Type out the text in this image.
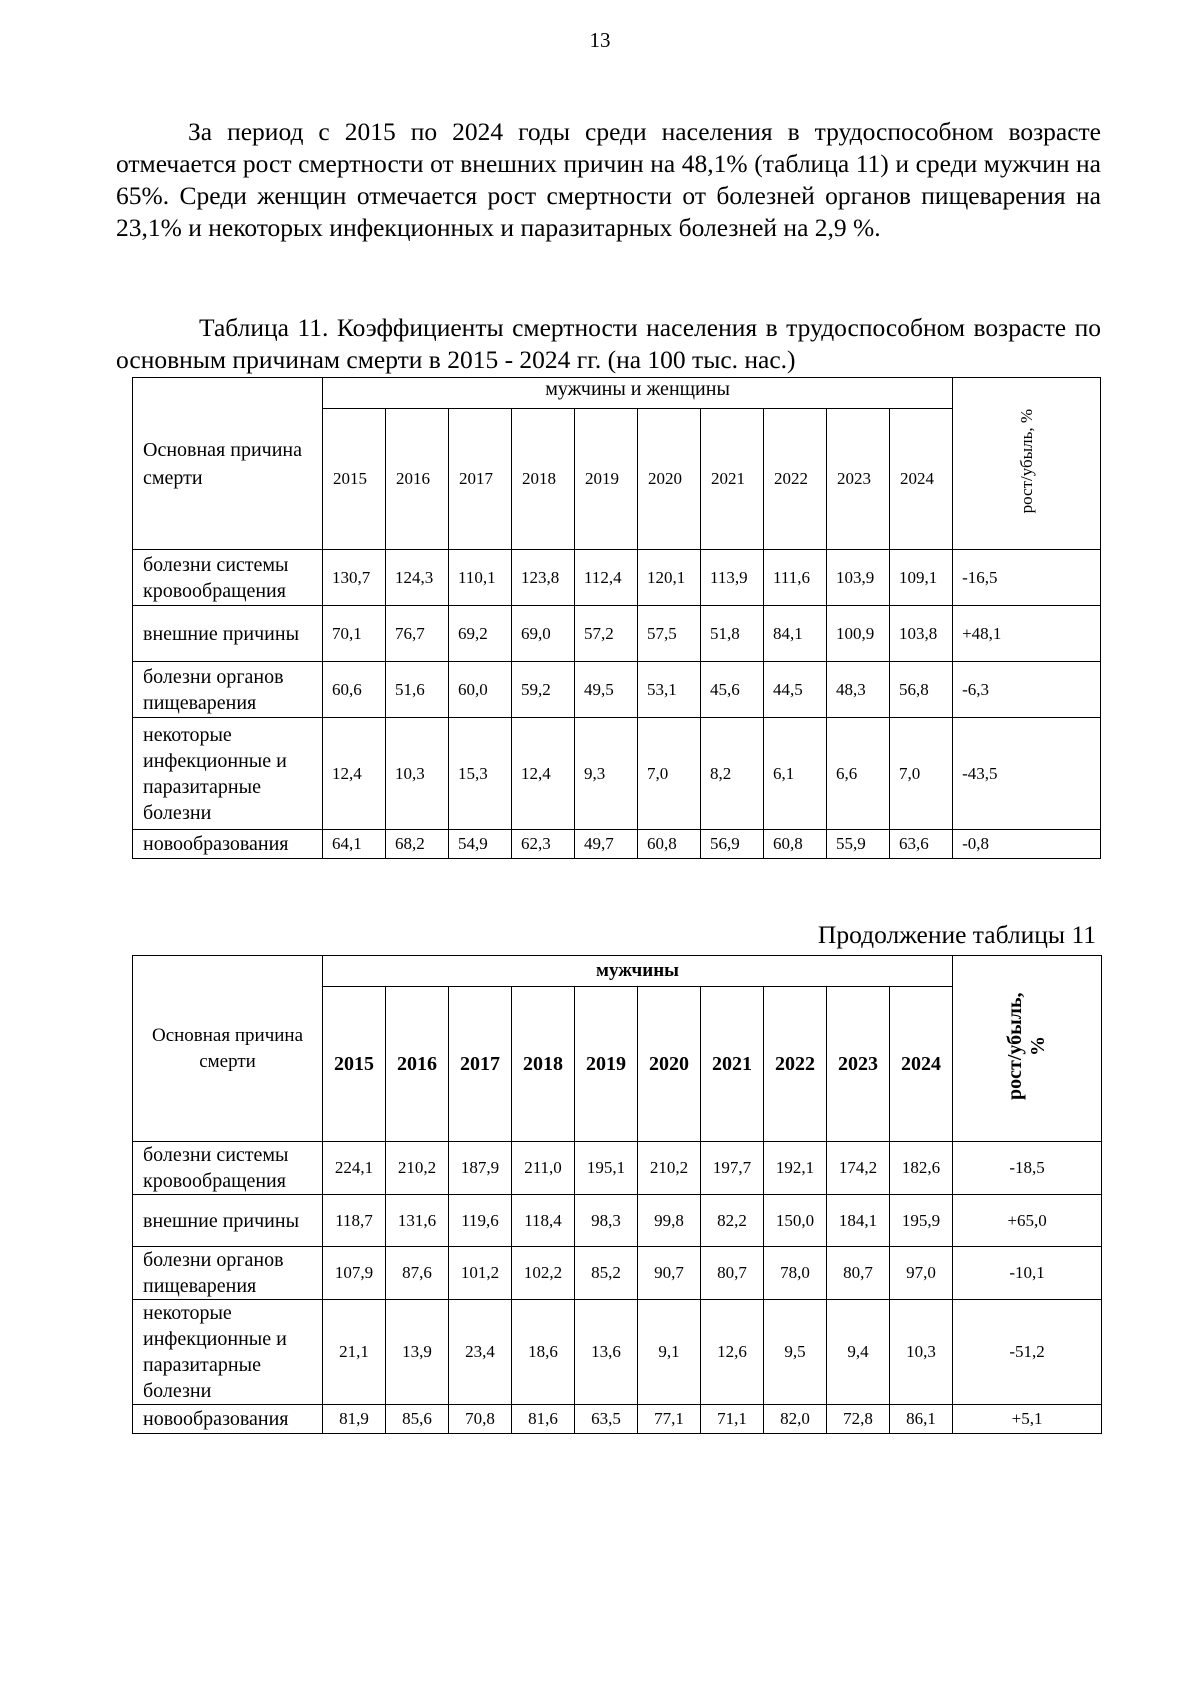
13

За период с 2015 по 2024 годы среди населения в трудоспособном возрасте отмечается рост смертности от внешних причин на 48,1% (таблица 11) и среди мужчин на 65%. Среди женщин отмечается рост смертности от болезней органов пищеварения на 23,1% и некоторых инфекционных и паразитарных болезней на 2,9 %.

Таблица 11. Коэффициенты смертности населения в трудоспособном возрасте по основным причинам смерти в 2015 - 2024 гг. (на 100 тыс. нас.)

Основная причина смерти	мужчины и женщины										рост/убыль, %
	2015	2016	2017	2018	2019	2020	2021	2022	2023	2024	
болезни системы кровообращения	130,7	124,3	110,1	123,8	112,4	120,1	113,9	111,6	103,9	109,1	-16,5
внешние причины	70,1	76,7	69,2	69,0	57,2	57,5	51,8	84,1	100,9	103,8	+48,1
болезни органов пищеварения	60,6	51,6	60,0	59,2	49,5	53,1	45,6	44,5	48,3	56,8	-6,3
некоторые инфекционные и паразитарные болезни	12,4	10,3	15,3	12,4	9,3	7,0	8,2	6,1	6,6	7,0	-43,5
новообразования	64,1	68,2	54,9	62,3	49,7	60,8	56,9	60,8	55,9	63,6	-0,8
Продолжение таблицы 11
Основная причина смерти	мужчины										рост/убыль, %
	2015	2016	2017	2018	2019	2020	2021	2022	2023	2024	
болезни системы кровообращения	224,1	210,2	187,9	211,0	195,1	210,2	197,7	192,1	174,2	182,6	-18,5
внешние причины	118,7	131,6	119,6	118,4	98,3	99,8	82,2	150,0	184,1	195,9	+65,0
болезни органов пищеварения	107,9	87,6	101,2	102,2	85,2	90,7	80,7	78,0	80,7	97,0	-10,1
некоторые инфекционные и паразитарные болезни	21,1	13,9	23,4	18,6	13,6	9,1	12,6	9,5	9,4	10,3	-51,2
новообразования	81,9	85,6	70,8	81,6	63,5	77,1	71,1	82,0	72,8	86,1	+5,1
